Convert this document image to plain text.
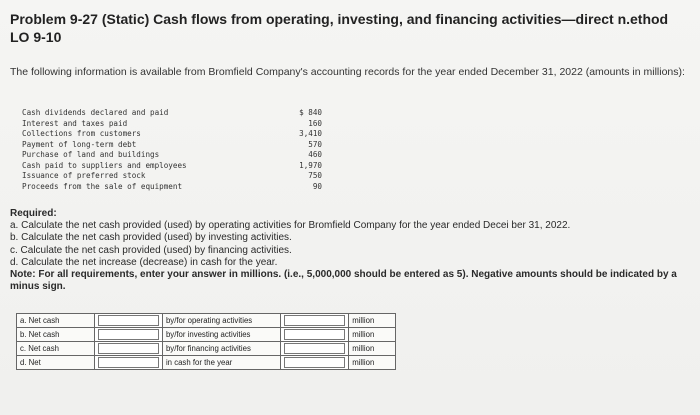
Problem 9-27 (Static) Cash flows from operating, investing, and financing activities—direct n.ethod LO 9-10
The following information is available from Bromfield Company's accounting records for the year ended December 31, 2022 (amounts in millions):
Cash dividends declared and paid	$ 840
Interest and taxes paid	160
Collections from customers	3,410
Payment of long-term debt	570
Purchase of land and buildings	460
Cash paid to suppliers and employees	1,970
Issuance of preferred stock	750
Proceeds from the sale of equipment	90
Required:
a. Calculate the net cash provided (used) by operating activities for Bromfield Company for the year ended Decei ber 31, 2022.
b. Calculate the net cash provided (used) by investing activities.
c. Calculate the net cash provided (used) by financing activities.
d. Calculate the net increase (decrease) in cash for the year.
Note: For all requirements, enter your answer in millions. (i.e., 5,000,000 should be entered as 5). Negative amounts should be indicated by a minus sign.
a. Net cash		by/for operating activities		million
b. Net cash		by/for investing activities		million
c. Net cash		by/for financing activities		million
d. Net		in cash for the year		million
